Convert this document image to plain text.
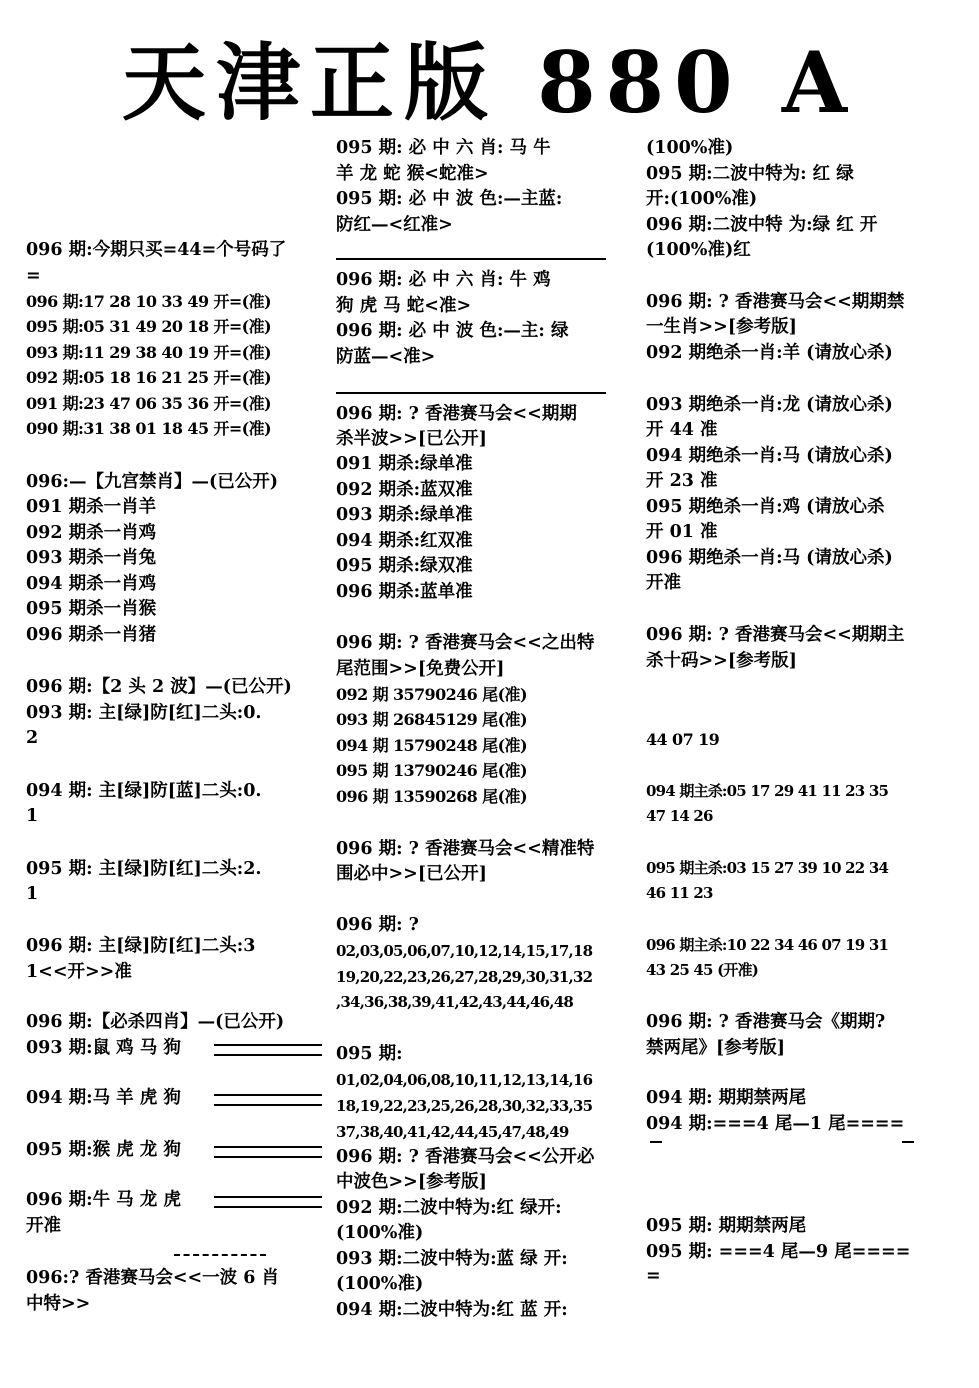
天津正版 880 A
096 期:今期只买=44=个号码了
=
096 期:17 28 10 33 49 开=(准)
095 期:05 31 49 20 18 开=(准)
093 期:11 29 38 40 19 开=(准)
092 期:05 18 16 21 25 开=(准)
091 期:23 47 06 35 36 开=(准)
090 期:31 38 01 18 45 开=(准)
096:—【九宫禁肖】—(已公开)
091 期杀一肖羊
092 期杀一肖鸡
093 期杀一肖兔
094 期杀一肖鸡
095 期杀一肖猴
096 期杀一肖猪
096 期:【2 头 2 波】—(已公开)
093 期: 主[绿]防[红]二头:0.
2
094 期: 主[绿]防[蓝]二头:0.
1
095 期: 主[绿]防[红]二头:2.
1
096 期: 主[绿]防[红]二头:3
1<<开>>准
096 期:【必杀四肖】—(已公开)
093 期:鼠 鸡 马 狗
094 期:马 羊 虎 狗
095 期:猴 虎 龙 狗
096 期:牛 马 龙 虎
开准
096:? 香港赛马会<<一波 6 肖
中特>>
095 期: 必 中 六 肖: 马 牛
羊 龙 蛇 猴<蛇准>
095 期: 必 中 波 色:—主蓝:
防红—<红准>
096 期: 必 中 六 肖: 牛 鸡
狗 虎 马 蛇<准>
096 期: 必 中 波 色:—主: 绿
防蓝—<准>
096 期: ? 香港赛马会<<期期
杀半波>>[已公开]
091 期杀:绿单准
092 期杀:蓝双准
093 期杀:绿单准
094 期杀:红双准
095 期杀:绿双准
096 期杀:蓝单准
096 期: ? 香港赛马会<<之出特
尾范围>>[免费公开]
092 期 35790246 尾(准)
093 期 26845129 尾(准)
094 期 15790248 尾(准)
095 期 13790246 尾(准)
096 期 13590268 尾(准)
096 期: ? 香港赛马会<<精准特
围必中>>[已公开]
096 期: ?
02,03,05,06,07,10,12,14,15,17,18
19,20,22,23,26,27,28,29,30,31,32
,34,36,38,39,41,42,43,44,46,48
095 期:
01,02,04,06,08,10,11,12,13,14,16
18,19,22,23,25,26,28,30,32,33,35
37,38,40,41,42,44,45,47,48,49
096 期: ? 香港赛马会<<公开必
中波色>>[参考版]
092 期:二波中特为:红 绿开:
(100%准)
093 期:二波中特为:蓝 绿 开:
(100%准)
094 期:二波中特为:红 蓝 开:
(100%准)
095 期:二波中特为: 红 绿
开:(100%准)
096 期:二波中特 为:绿 红 开
(100%准)红
096 期: ? 香港赛马会<<期期禁
一生肖>>[参考版]
092 期绝杀一肖:羊 (请放心杀)
093 期绝杀一肖:龙 (请放心杀)
开 44 准
094 期绝杀一肖:马 (请放心杀)
开 23 准
095 期绝杀一肖:鸡 (请放心杀
开 01 准
096 期绝杀一肖:马 (请放心杀)
开准
096 期: ? 香港赛马会<<期期主
杀十码>>[参考版]
44 07 19
094 期主杀:05 17 29 41 11 23 35
47 14 26
095 期主杀:03 15 27 39 10 22 34
46 11 23
096 期主杀:10 22 34 46 07 19 31
43 25 45 (开准)
096 期: ? 香港赛马会《期期?
禁两尾》[参考版]
094 期: 期期禁两尾
094 期:===4 尾—1 尾====
095 期: 期期禁两尾
095 期: ===4 尾—9 尾====
=
